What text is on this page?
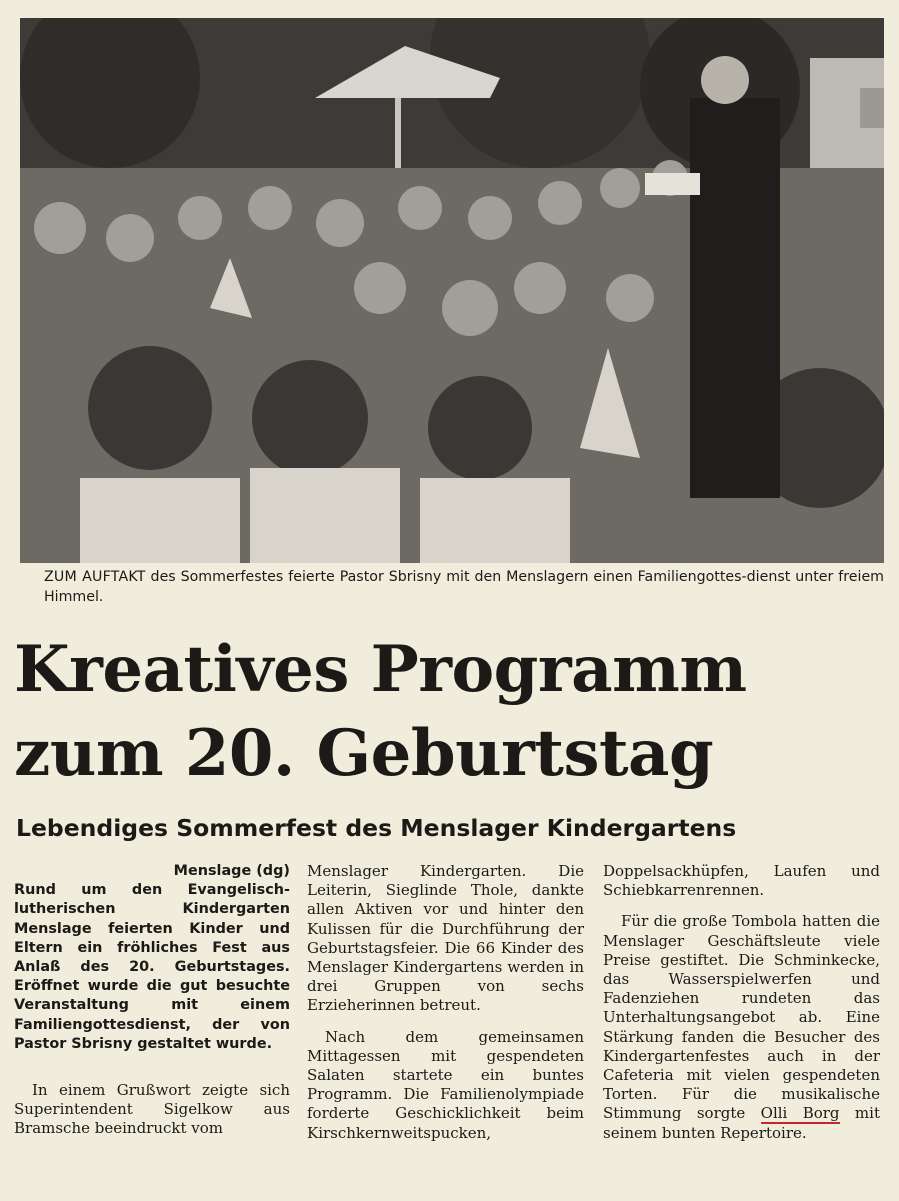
ZUM AUFTAKT des Sommerfestes feierte Pastor Sbrisny mit den Menslagern einen Familiengottes-dienst unter freiem Himmel.
Kreatives Programm
zum 20. Geburtstag
Lebendiges Sommerfest des Menslager Kindergartens

Menslage (dg)
Rund um den Evangelisch-lutherischen Kindergarten Menslage feierten Kinder und Eltern ein fröhliches Fest aus Anlaß des 20. Geburtstages. Eröffnet wurde die gut besuchte Veranstaltung mit einem Familiengottesdienst, der von Pastor Sbrisny gestaltet wurde.

In einem Grußwort zeigte sich Superintendent Sigelkow aus Bramsche beeindruckt vom

Menslager Kindergarten. Die Leiterin, Sieglinde Thole, dankte allen Aktiven vor und hinter den Kulissen für die Durchführung der Geburtstagsfeier. Die 66 Kinder des Menslager Kindergartens werden in drei Gruppen von sechs Erzieherinnen betreut.

Nach dem gemeinsamen Mittagessen mit gespendeten Salaten startete ein buntes Programm. Die Familienolympiade forderte Geschicklichkeit beim Kirschkernweitspucken,

Doppelsackhüpfen, Laufen und Schiebkarrenrennen.

Für die große Tombola hatten die Menslager Geschäftsleute viele Preise gestiftet. Die Schminkecke, das Wasserspielwerfen und Fadenziehen rundeten das Unterhaltungsangebot ab. Eine Stärkung fanden die Besucher des Kindergartenfestes auch in der Cafeteria mit vielen gespendeten Torten. Für die musikalische Stimmung sorgte Olli Borg mit seinem bunten Repertoire.
